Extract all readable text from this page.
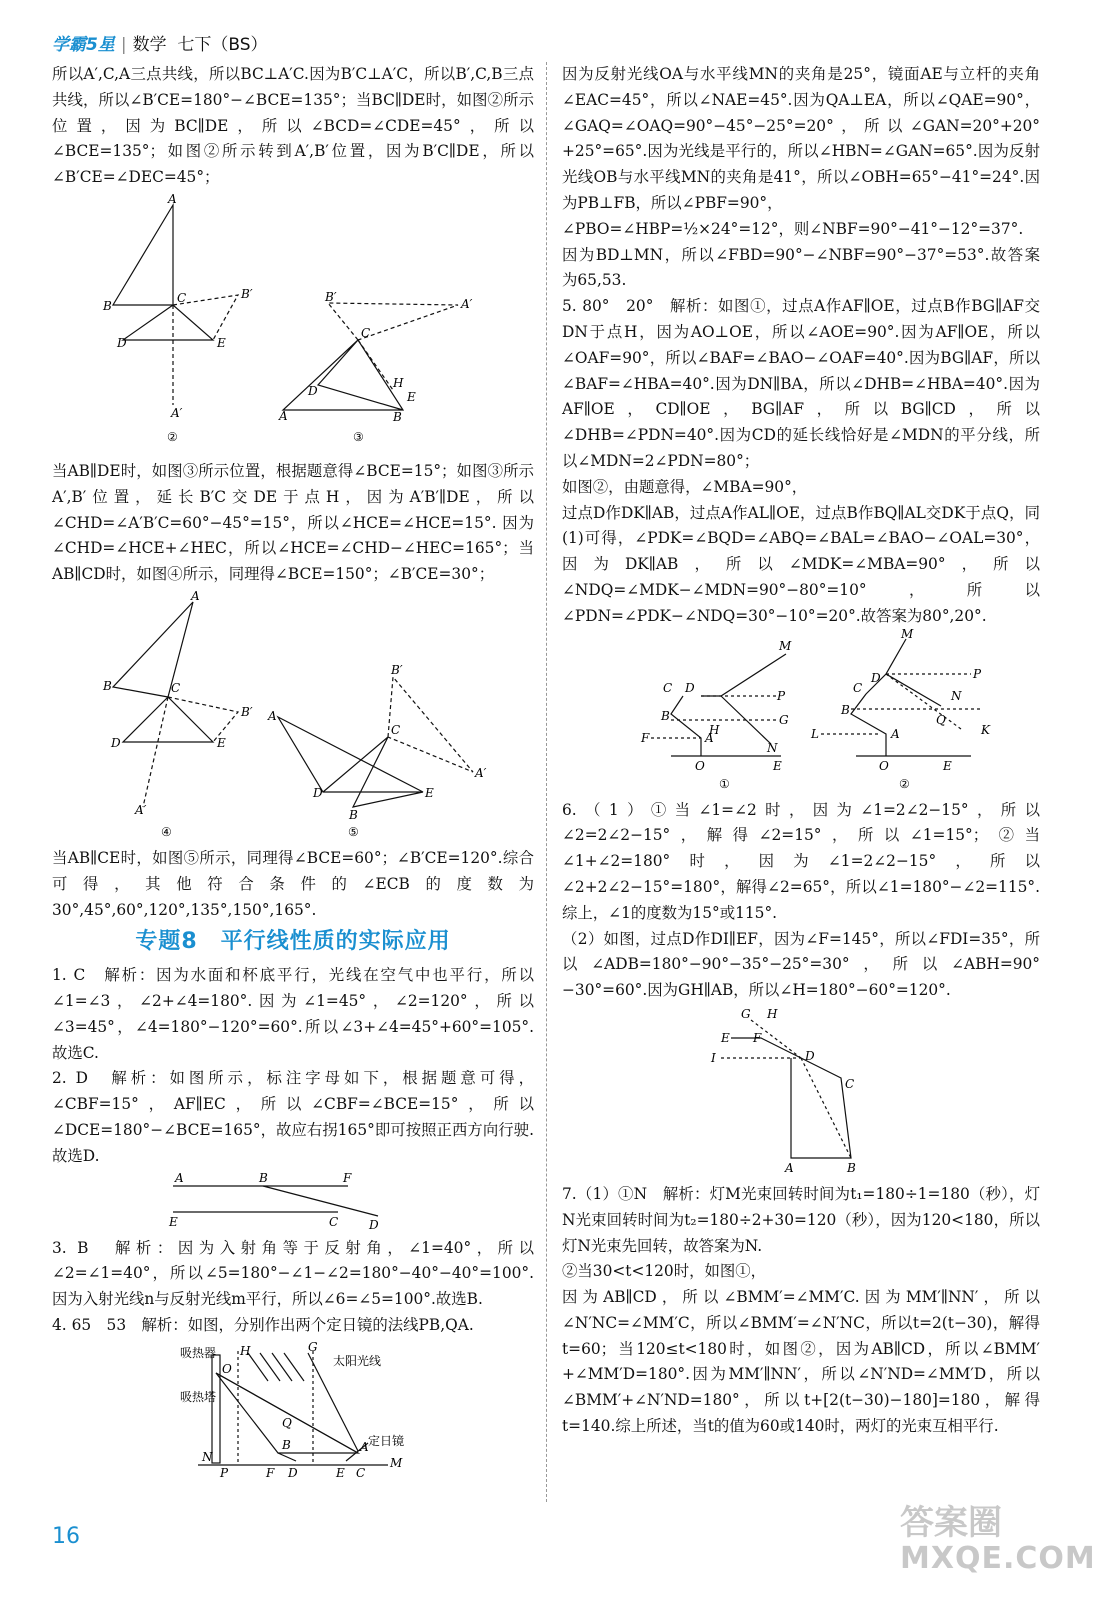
学霸5星 | 数学 七下（BS）

所以A′,C,A三点共线，所以BC⊥A′C.因为B′C⊥A′C，所以B′,C,B三点共线，所以∠B′CE=180°−∠BCE=135°；当BC∥DE时，如图②所示位置，因为BC∥DE，所以∠BCD=∠CDE=45°，所以∠BCE=135°；如图②所示转到A′,B′位置，因为B′C∥DE，所以∠B′CE=∠DEC=45°；

A
B
C	B′
D	E
A′
B′	A′
C
D
H
E
A	B
②	③

当AB∥DE时，如图③所示位置，根据题意得∠BCE=15°；如图③所示A′,B′位置，延长B′C交DE于点H，因为A′B′∥DE，所以∠CHD=∠A′B′C=60°−45°=15°，所以∠HCE=∠HCE=15°. 因为∠CHD=∠HCE+∠HEC，所以∠HCE=∠CHD−∠HEC=165°；当AB∥CD时，如图④所示，同理得∠BCE=150°；∠B′CE=30°；

A
B	C
B′
D	E
A′
A
C
B′
A′
D	E
B
④	⑤

当AB∥CE时，如图⑤所示，同理得∠BCE=60°；∠B′CE=120°.综合可得，其他符合条件的∠ECB的度数为30°,45°,60°,120°,135°,150°,165°.

专题8　平行线性质的实际应用

1. C　解析：因为水面和杯底平行，光线在空气中也平行，所以∠1=∠3，∠2+∠4=180°.因为∠1=45°，∠2=120°，所以∠3=45°，∠4=180°−120°=60°.所以∠3+∠4=45°+60°=105°.故选C.

2. D　解析：如图所示，标注字母如下，根据题意可得，∠CBF=15°，AF∥EC，所以∠CBF=∠BCE=15°，所以∠DCE=180°−∠BCE=165°，故应右拐165°即可按照正西方向行驶.故选D.

A	B	F
E	C	D

3. B　解析：因为入射角等于反射角，∠1=40°，所以∠2=∠1=40°，所以∠5=180°−∠1−∠2=180°−40°−40°=100°.因为入射光线n与反射光线m平行，所以∠6=∠5=100°.故选B.

4. 65　53　解析：如图，分别作出两个定日镜的法线PB,QA.

吸热器
吸热塔
太阳光线
定日镜
O
H	G
Q
B	A
N
P	F D	E C
M

因为反射光线OA与水平线MN的夹角是25°，镜面AE与立杆的夹角∠EAC=45°，所以∠NAE=45°.因为QA⊥EA，所以∠QAE=90°，∠GAQ=∠OAQ=90°−45°−25°=20°，所以∠GAN=20°+20°+25°=65°.因为光线是平行的，所以∠HBN=∠GAN=65°.因为反射光线OB与水平线MN的夹角是41°，所以∠OBH=65°−41°=24°.因为PB⊥FB，所以∠PBF=90°，

∠PBO=∠HBP=½×24°=12°，则∠NBF=90°−41°−12°=37°.

因为BD⊥MN，所以∠FBD=90°−∠NBF=90°−37°=53°.故答案为65,53.

5. 80°　20°　解析：如图①，过点A作AF∥OE，过点B作BG∥AF交DN于点H，因为AO⊥OE，所以∠AOE=90°.因为AF∥OE，所以∠OAF=90°，所以∠BAF=∠BAO−∠OAF=40°.因为BG∥AF，所以∠BAF=∠HBA=40°.因为DN∥BA，所以∠DHB=∠HBA=40°.因为AF∥OE，CD∥OE，BG∥AF，所以BG∥CD，所以∠DHB=∠PDN=40°.因为CD的延长线恰好是∠MDN的平分线，所以∠MDN=2∠PDN=80°；

如图②，由题意得，∠MBA=90°，

过点D作DK∥AB，过点A作AL∥OE，过点B作BQ∥AL交DK于点Q，同(1)可得，∠PDK=∠BQD=∠ABQ=∠BAL=∠BAO−∠OAL=30°，因为DK∥AB，所以∠MDK=∠MBA=90°，所以∠NDQ=∠MDK−∠MDN=90°−80°=10°，所以∠PDN=∠PDK−∠NDQ=30°−10°=20°.故答案为80°,20°.

C D
M
P
B	G
H
N
F	A
O	E
M
C
D	P
B
N
Q
K
L	A
O	E
①	②

6.（1）①当∠1=∠2时，因为∠1=2∠2−15°，所以∠2=2∠2−15°，解得∠2=15°，所以∠1=15°；②当∠1+∠2=180°时，因为∠1=2∠2−15°，所以∠2+2∠2−15°=180°，解得∠2=65°，所以∠1=180°−∠2=115°.综上，∠1的度数为15°或115°.

（2）如图，过点D作DI∥EF，因为∠F=145°，所以∠FDI=35°，所以∠ADB=180°−90°−35°−25°=30°，所以∠ABH=90°−30°=60°.因为GH∥AB，所以∠H=180°−60°=120°.

G H
E F
I	D
C
A	B

7.（1）①N　解析：灯M光束回转时间为t₁=180÷1=180（秒），灯N光束回转时间为t₂=180÷2+30=120（秒），因为120<180，所以灯N光束先回转，故答案为N.

②当30<t<120时，如图①，

因为AB∥CD，所以∠BMM′=∠MM′C.因为MM′∥NN′，所以∠N′NC=∠MM′C，所以∠BMM′=∠N′NC，所以t=2(t−30)，解得t=60；当120≤t<180时，如图②，因为AB∥CD，所以∠BMM′+∠MM′D=180°.因为MM′∥NN′，所以∠N′ND=∠MM′D，所以∠BMM′+∠N′ND=180°，所以t+[2(t−30)−180]=180，解得t=140.综上所述，当t的值为60或140时，两灯的光束互相平行.

16	答案圈
MXQE.COM
